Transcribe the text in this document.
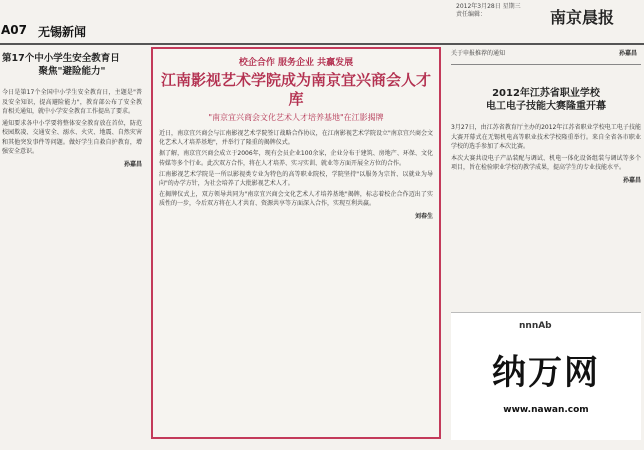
A07 无锡新闻
2012年3月28日 星期三
责任编辑：	南京晨报

第17个中小学生安全教育日

聚焦"避险能力"

今日是第17个全国中小学生安全教育日，主题是"普及安全知识，提高避险能力"，教育部公布了安全教育相关通知，就中小学安全教育工作提出了要求。

通知要求各中小学要将整体安全教育放在首位，防范校园欺凌、交通安全、溺水、火灾、地震、自然灾害和其他突发事件等问题。做好学生自救自护教育，增强安全意识。

孙嘉昌
校企合作 服务企业 共赢发展
江南影视艺术学院成为南京宜兴商会人才库
"南京宜兴商会文化艺术人才培养基地"在江影揭牌

近日，南京宜兴商会与江南影视艺术学院签订战略合作协议，在江南影视艺术学院设立"南京宜兴商会文化艺术人才培养基地"，并举行了隆重的揭牌仪式。

据了解，南京宜兴商会成立于2006年，现有会员企业100余家，企业分布于建筑、房地产、环保、文化传媒等多个行业。此次双方合作，将在人才培养、实习实训、就业等方面开展全方位的合作。

江南影视艺术学院是一所以影视类专业为特色的高等职业院校，学院坚持"以服务为宗旨、以就业为导向"的办学方针，为社会培养了大批影视艺术人才。

在揭牌仪式上，双方领导共同为"南京宜兴商会文化艺术人才培养基地"揭牌，标志着校企合作迈出了实质性的一步，今后双方将在人才共育、资源共享等方面深入合作，实现互利共赢。

刘春生
关于申报推荐的通知	孙嘉昌

2012年江苏省职业学校

电工电子技能大赛隆重开幕

3月27日，由江苏省教育厅主办的2012年江苏省职业学校电工电子技能大赛开幕式在无锡机电高等职业技术学校隆重举行。来自全省各市职业学校的选手参加了本次比赛。

本次大赛共设电子产品装配与调试、机电一体化设备组装与调试等多个项目，旨在检验职业学校的教学成果，提高学生的专业技能水平。

孙嘉昌
nnnAb
纳万网
www.nawan.com
